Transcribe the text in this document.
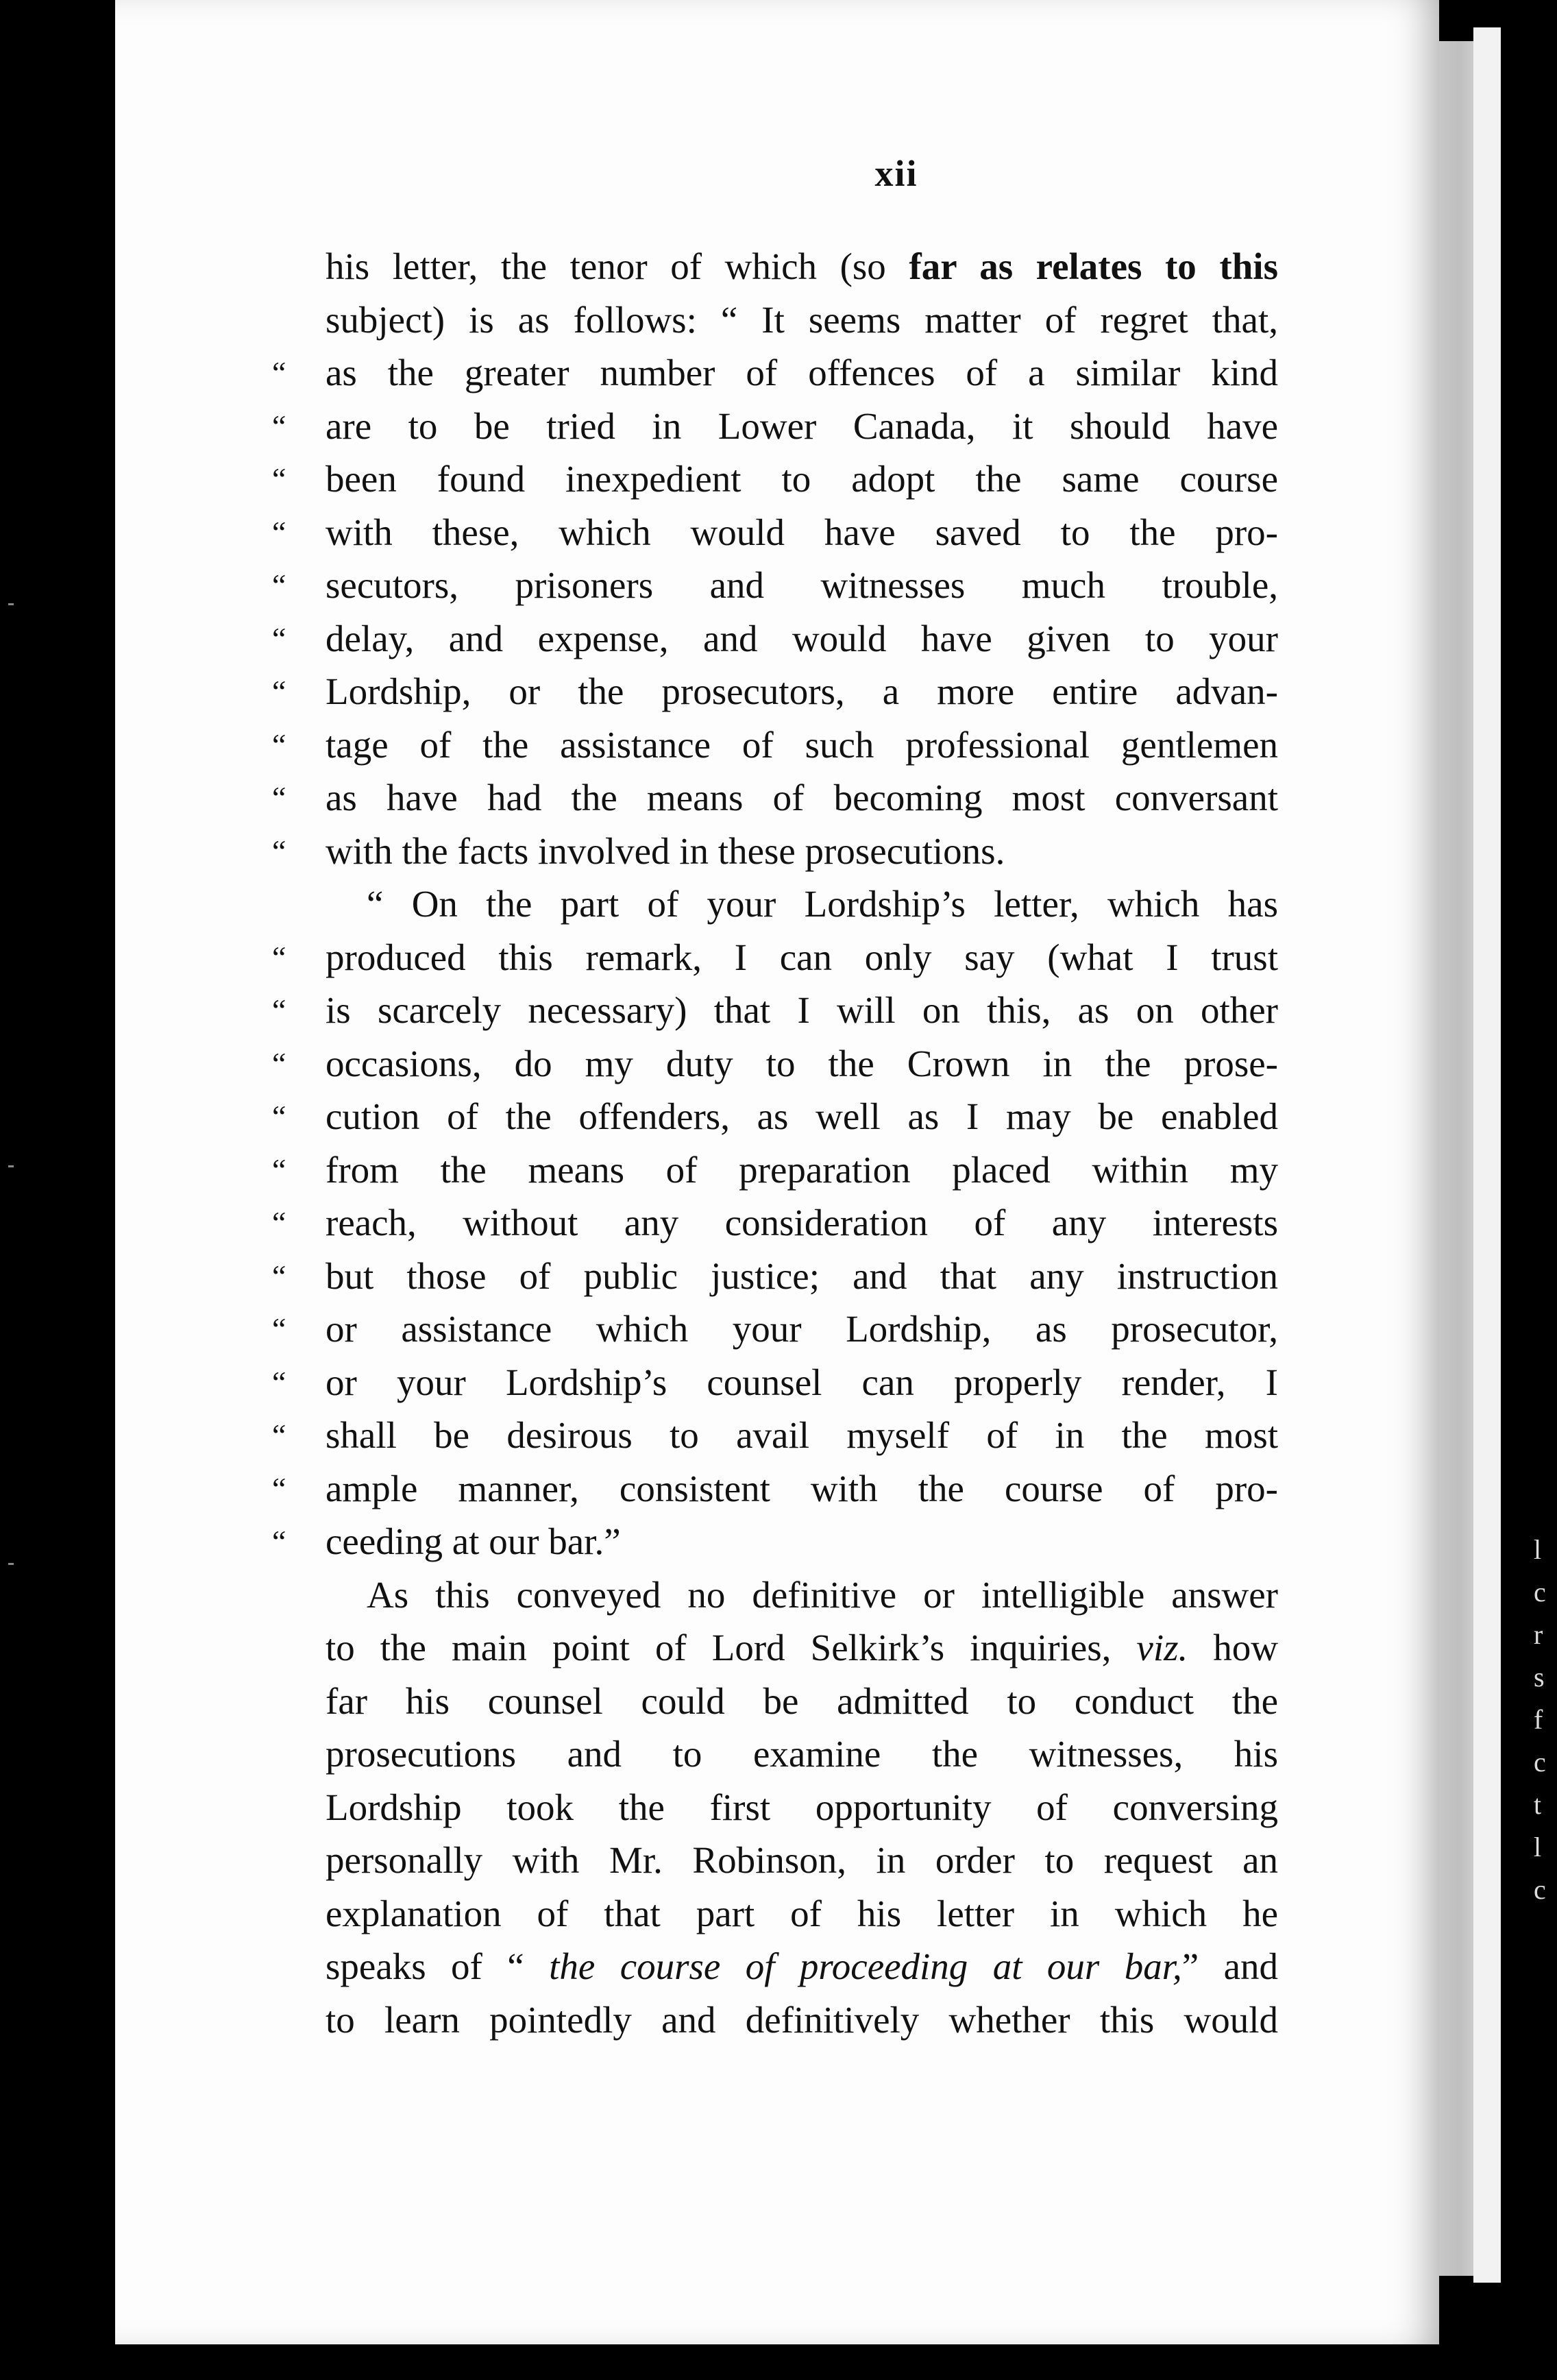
xii
his letter, the tenor of which (so far as relates to this
subject) is as follows: “ It seems matter of regret that,
“ as the greater number of offences of a similar kind
“ are to be tried in Lower Canada, it should have
“ been found inexpedient to adopt the same course
“ with these, which would have saved to the pro-
“ secutors, prisoners and witnesses much trouble,
“ delay, and expense, and would have given to your
“ Lordship, or the prosecutors, a more entire advan-
“ tage of the assistance of such professional gentlemen
“ as have had the means of becoming most conversant
“ with the facts involved in these prosecutions.
“ On the part of your Lordship’s letter, which has
“ produced this remark, I can only say (what I trust
“ is scarcely necessary) that I will on this, as on other
“ occasions, do my duty to the Crown in the prose-
“ cution of the offenders, as well as I may be enabled
“ from the means of preparation placed within my
“ reach, without any consideration of any interests
“ but those of public justice; and that any instruction
“ or assistance which your Lordship, as prosecutor,
“ or your Lordship’s counsel can properly render, I
“ shall be desirous to avail myself of in the most
“ ample manner, consistent with the course of pro-
“ ceeding at our bar.”
As this conveyed no definitive or intelligible answer
to the main point of Lord Selkirk’s inquiries, viz. how
far his counsel could be admitted to conduct the
prosecutions and to examine the witnesses, his
Lordship took the first opportunity of conversing
personally with Mr. Robinson, in order to request an
explanation of that part of his letter in which he
speaks of “ the course of proceeding at our bar,” and
to learn pointedly and definitively whether this would
l
c
r
s
f
c
t
l
c
